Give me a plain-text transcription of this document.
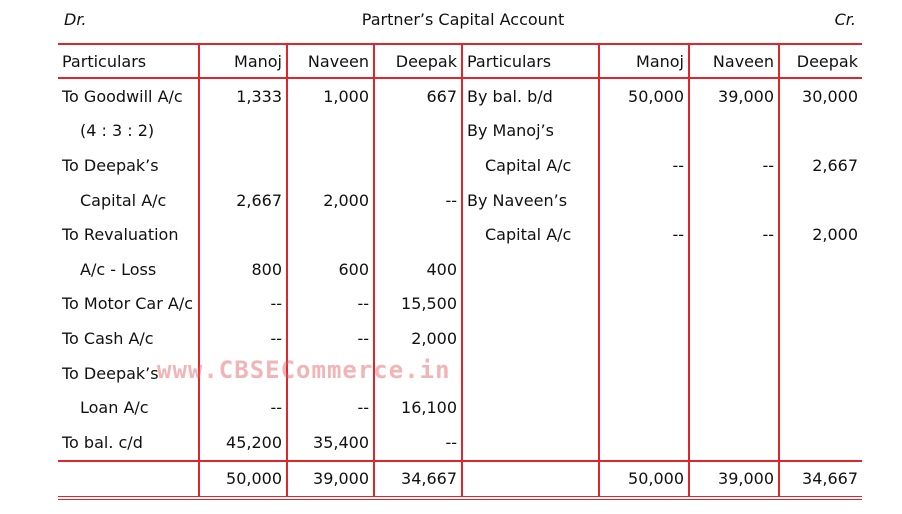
Dr.	Partner’s Capital Account	Cr.
Particulars	Manoj	Naveen	Deepak	Particulars	Manoj	Naveen	Deepak
To Goodwill A/c	1,333	1,000	667	By bal. b/d	50,000	39,000	30,000
(4 : 3 : 2)				By Manoj’s			
To Deepak’s				Capital A/c	--	--	2,667
Capital A/c	2,667	2,000	--	By Naveen’s			
To Revaluation				Capital A/c	--	--	2,000
A/c - Loss	800	600	400				
To Motor Car A/c	--	--	15,500				
To Cash A/c	--	--	2,000				
To Deepak’s							
Loan A/c	--	--	16,100				
To bal. c/d	45,200	35,400	--				
	50,000	39,000	34,667		50,000	39,000	34,667
www.CBSECommerce.in
